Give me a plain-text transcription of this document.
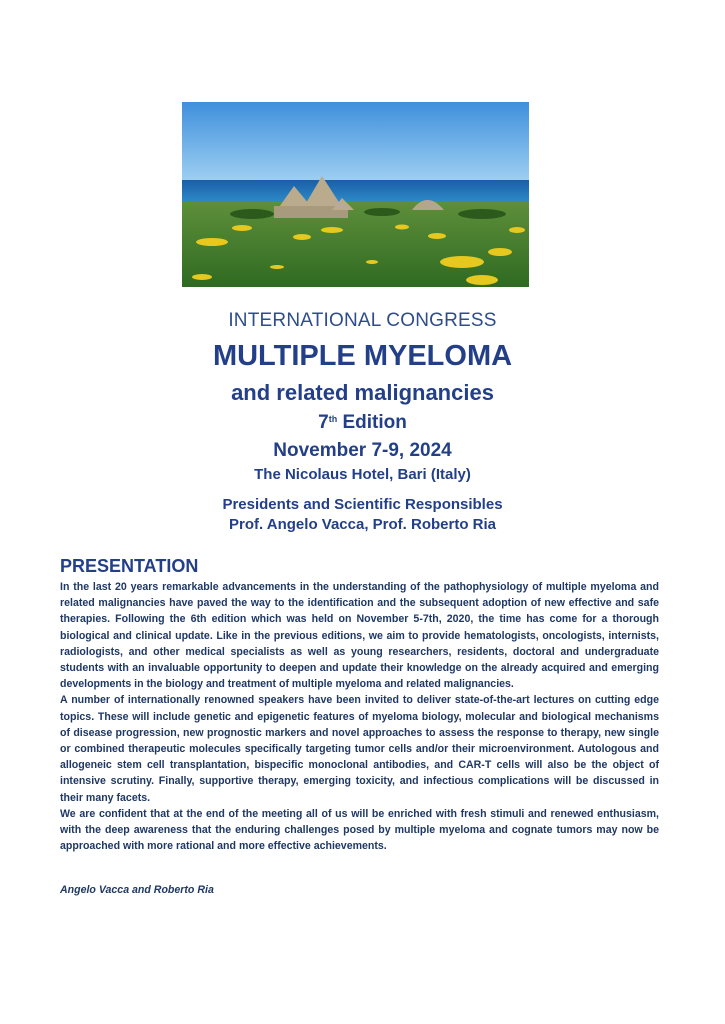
INTERNATIONAL CONGRESS

MULTIPLE MYELOMA

and related malignancies

7th Edition

November 7-9, 2024

The Nicolaus Hotel, Bari (Italy)

Presidents and Scientific Responsibles

Prof. Angelo Vacca, Prof. Roberto Ria

PRESENTATION

In the last 20 years remarkable advancements in the understanding of the pathophysiology of multiple myeloma and related malignancies have paved the way to the identification and the subsequent adoption of new effective and safe therapies. Following the 6th edition which was held on November 5-7th, 2020, the time has come for a thorough biological and clinical update. Like in the previous editions, we aim to provide hematologists, oncologists, internists, radiologists, and other medical specialists as well as young researchers, residents, doctoral and undergraduate students with an invaluable opportunity to deepen and update their knowledge on the already acquired and emerging developments in the biology and treatment of multiple myeloma and related malignancies.

A number of internationally renowned speakers have been invited to deliver state-of-the-art lectures on cutting edge topics. These will include genetic and epigenetic features of myeloma biology, molecular and biological mechanisms of disease progression, new prognostic markers and novel approaches to assess the response to therapy, new single or combined therapeutic molecules specifically targeting tumor cells and/or their microenvironment. Autologous and allogeneic stem cell transplantation, bispecific monoclonal antibodies, and CAR-T cells will also be the object of intensive scrutiny. Finally, supportive therapy, emerging toxicity, and infectious complications will be discussed in their many facets.

We are confident that at the end of the meeting all of us will be enriched with fresh stimuli and renewed enthusiasm, with the deep awareness that the enduring challenges posed by multiple myeloma and cognate tumors may now be approached with more rational and more effective achievements.

Angelo Vacca and Roberto Ria
